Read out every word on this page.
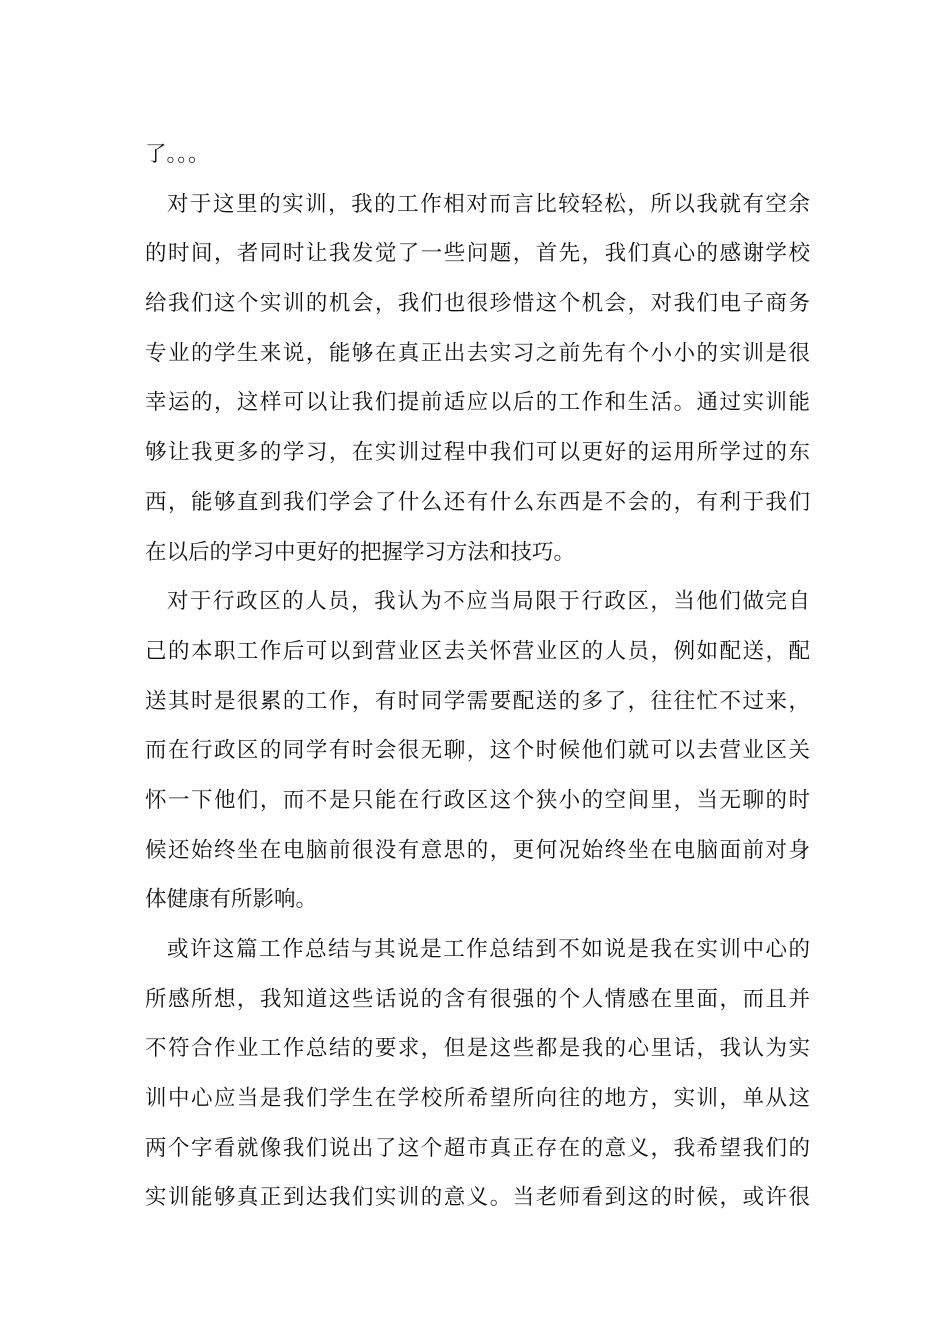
了。。。
对于这里的实训，我的工作相对而言比较轻松，所以我就有空余
的时间，者同时让我发觉了一些问题，首先，我们真心的感谢学校
给我们这个实训的机会，我们也很珍惜这个机会，对我们电子商务
专业的学生来说，能够在真正出去实习之前先有个小小的实训是很
幸运的，这样可以让我们提前适应以后的工作和生活。通过实训能
够让我更多的学习，在实训过程中我们可以更好的运用所学过的东
西，能够直到我们学会了什么还有什么东西是不会的，有利于我们
在以后的学习中更好的把握学习方法和技巧。
对于行政区的人员，我认为不应当局限于行政区，当他们做完自
己的本职工作后可以到营业区去关怀营业区的人员，例如配送，配
送其时是很累的工作，有时同学需要配送的多了，往往忙不过来，
而在行政区的同学有时会很无聊，这个时候他们就可以去营业区关
怀一下他们，而不是只能在行政区这个狭小的空间里，当无聊的时
候还始终坐在电脑前很没有意思的，更何况始终坐在电脑面前对身
体健康有所影响。
或许这篇工作总结与其说是工作总结到不如说是我在实训中心的
所感所想，我知道这些话说的含有很强的个人情感在里面，而且并
不符合作业工作总结的要求，但是这些都是我的心里话，我认为实
训中心应当是我们学生在学校所希望所向往的地方，实训，单从这
两个字看就像我们说出了这个超市真正存在的意义，我希望我们的
实训能够真正到达我们实训的意义。当老师看到这的时候，或许很
